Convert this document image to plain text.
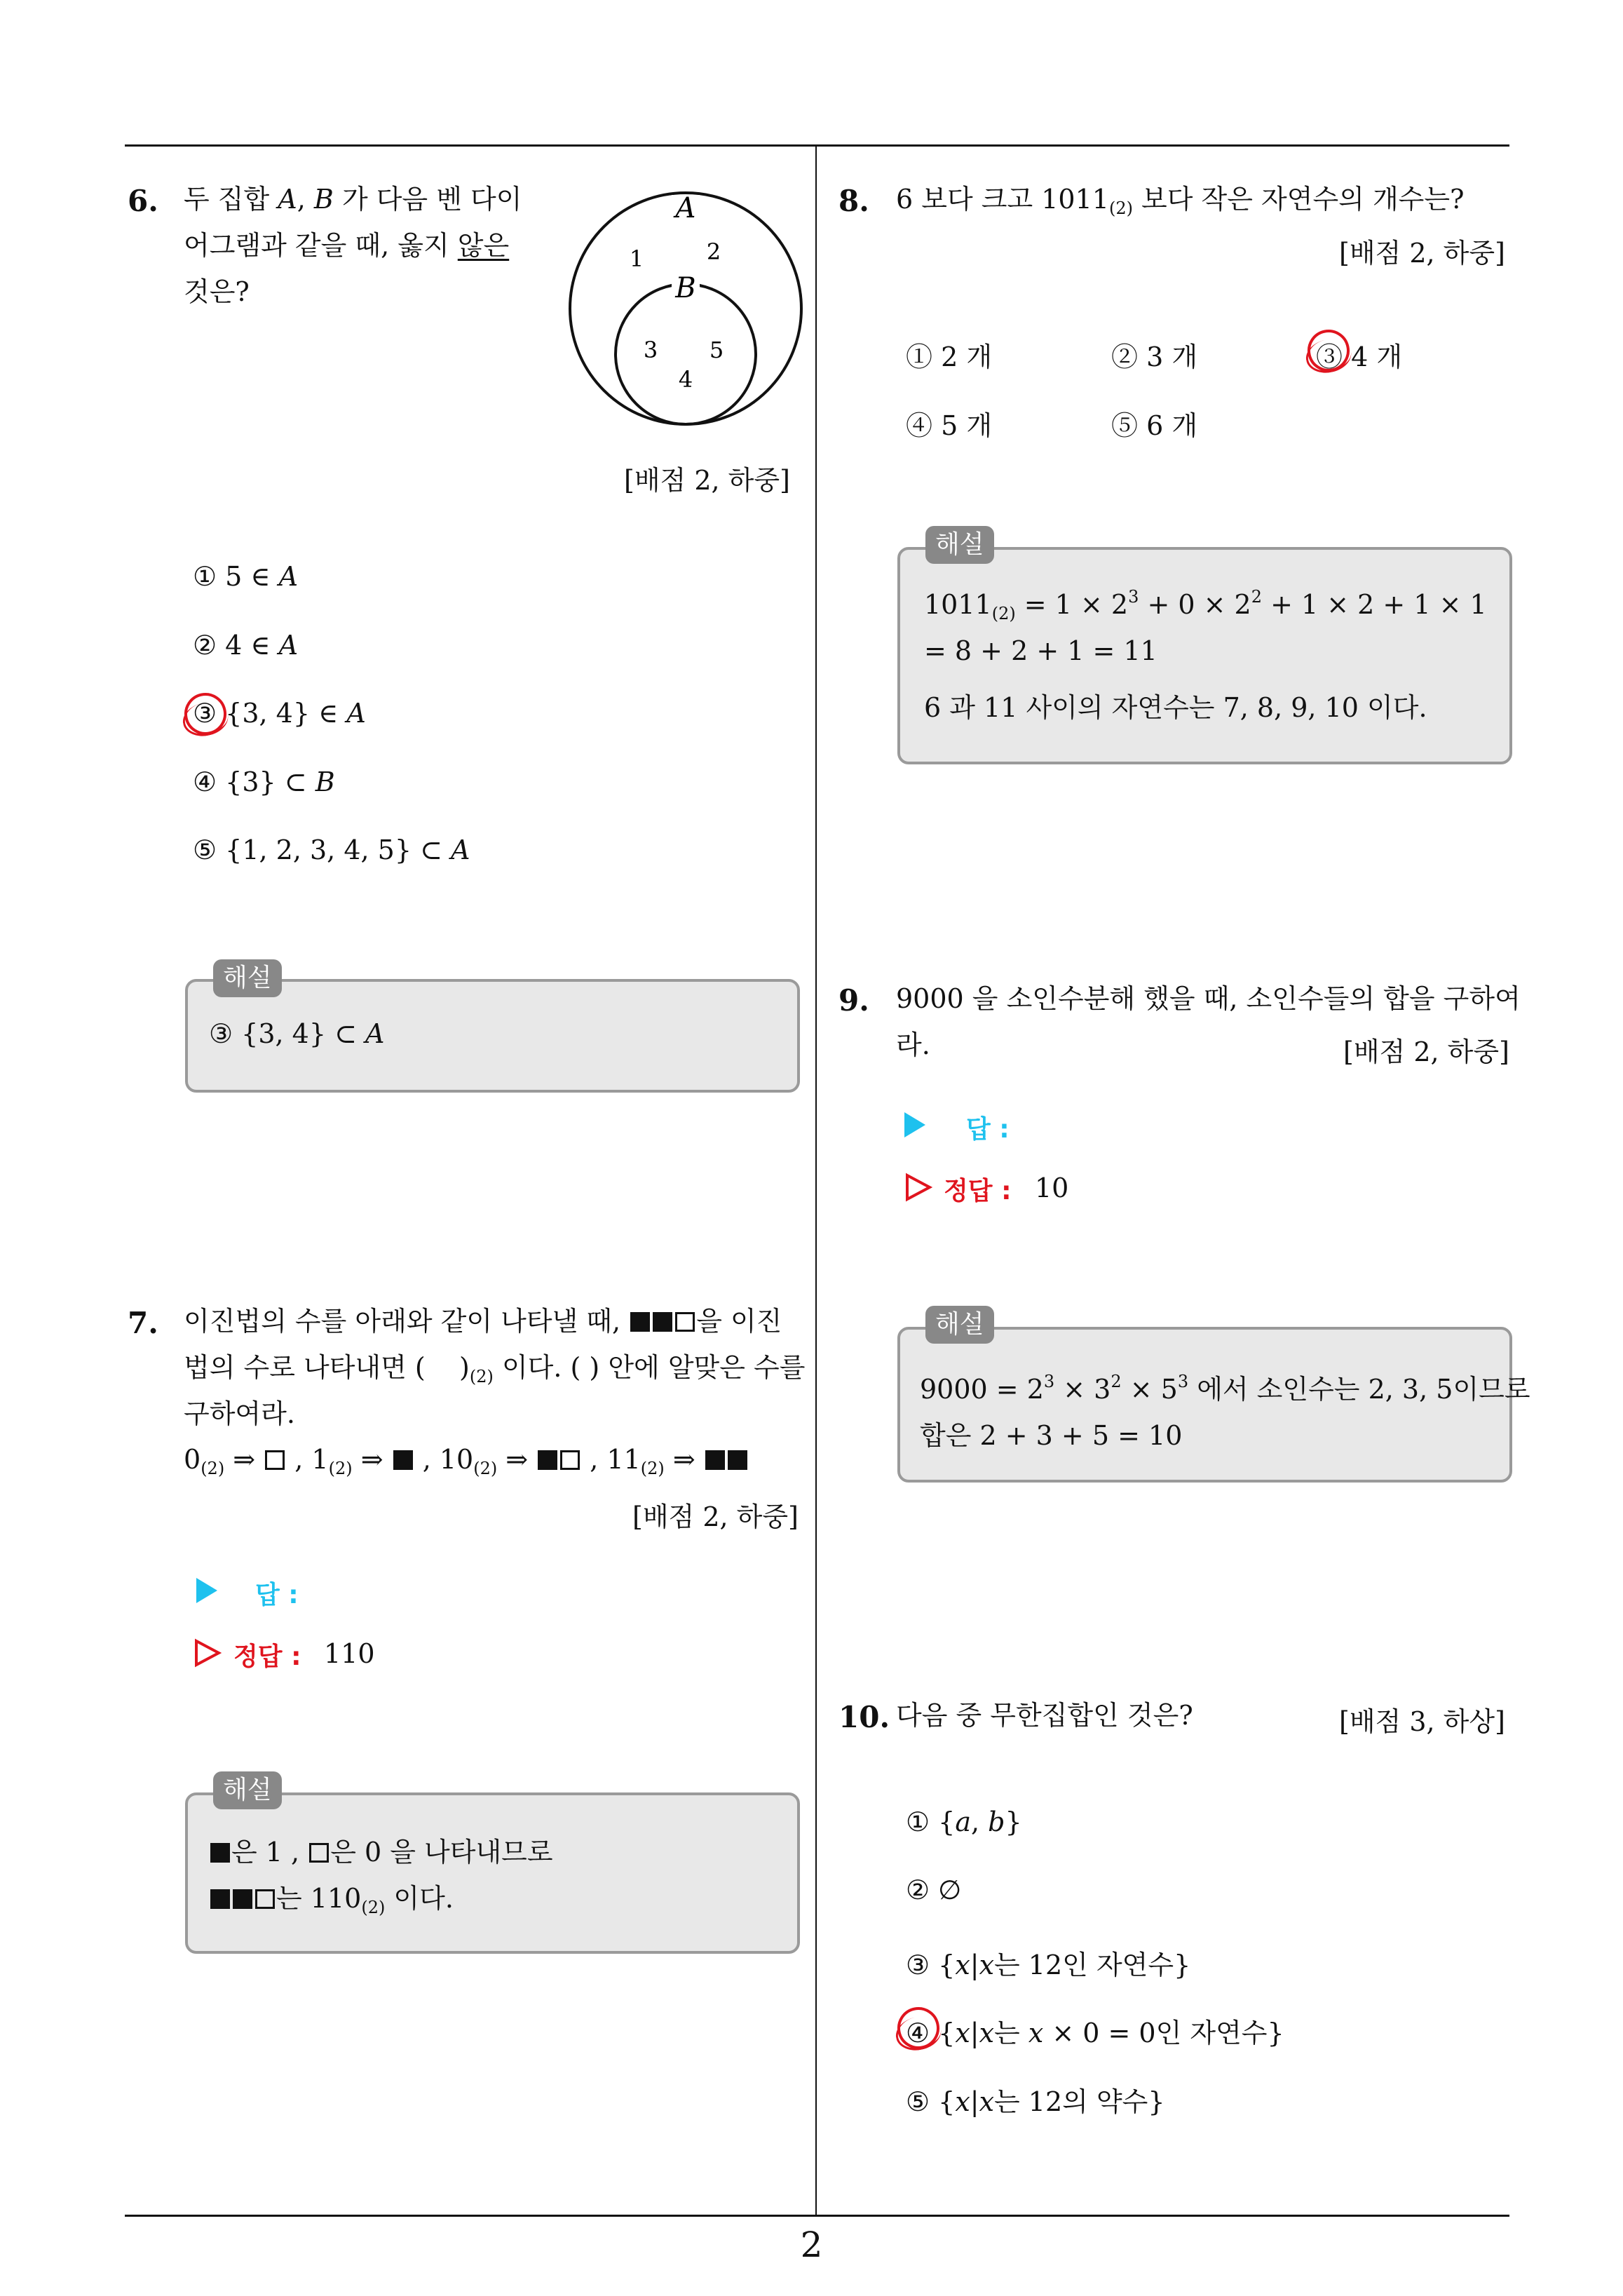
6. 두 집합 A, B 가 다음 벤 다이
어그램과 같을 때, 옳지 않은
것은?
A
B
1	2
3 5
4
[배점 2, 하중]
① 5 ∈ A
② 4 ∈ A
③ {3, 4} ∈ A
④ {3} ⊂ B
⑤ {1, 2, 3, 4, 5} ⊂ A
③ {3, 4} ⊂ A
해설
7. 이진법의 수를 아래와 같이 나타낼 때,	을 이진
법의 수로 나타내면 (    )$_{(2)}$ 이다. ( ) 안에 알맞은 수를
구하여라.
$0_{(2)}$ ⇒  , $1_{(2)}$ ⇒  , $10_{(2)}$ ⇒  , $11_{(2)}$ ⇒
[배점 2, 하중]
답 :
정답 : 110
은 1 , 은 0 을 나타내므로
는 $110_{(2)}$ 이다.
해설
8. 6 보다 크고 $1011_{(2)}$ 보다 작은 자연수의 개수는?
[배점 2, 하중]
① 2 개	② 3 개	③ 4 개
④ 5 개	⑤ 6 개
$1011_{(2)} = 1 \times 2^3 + 0 \times 2^2 + 1 \times 2 + 1 \times 1$
= 8 + 2 + 1 = 11
6 과 11 사이의 자연수는 7, 8, 9, 10 이다.
해설
9. 9000 을 소인수분해 했을 때, 소인수들의 합을 구하여
라.	[배점 2, 하중]
답 :
정답 : 10
$9000 = 2^3 \times 3^2 \times 5^3$ 에서 소인수는 2, 3, 5이므로
합은 2 + 3 + 5 = 10
해설
10. 다음 중 무한집합인 것은?	[배점 3, 하상]
① {a, b}
② ∅
③ {x|x는 12인 자연수}
④ {x|x는 x × 0 = 0인 자연수}
⑤ {x|x는 12의 약수}
2
